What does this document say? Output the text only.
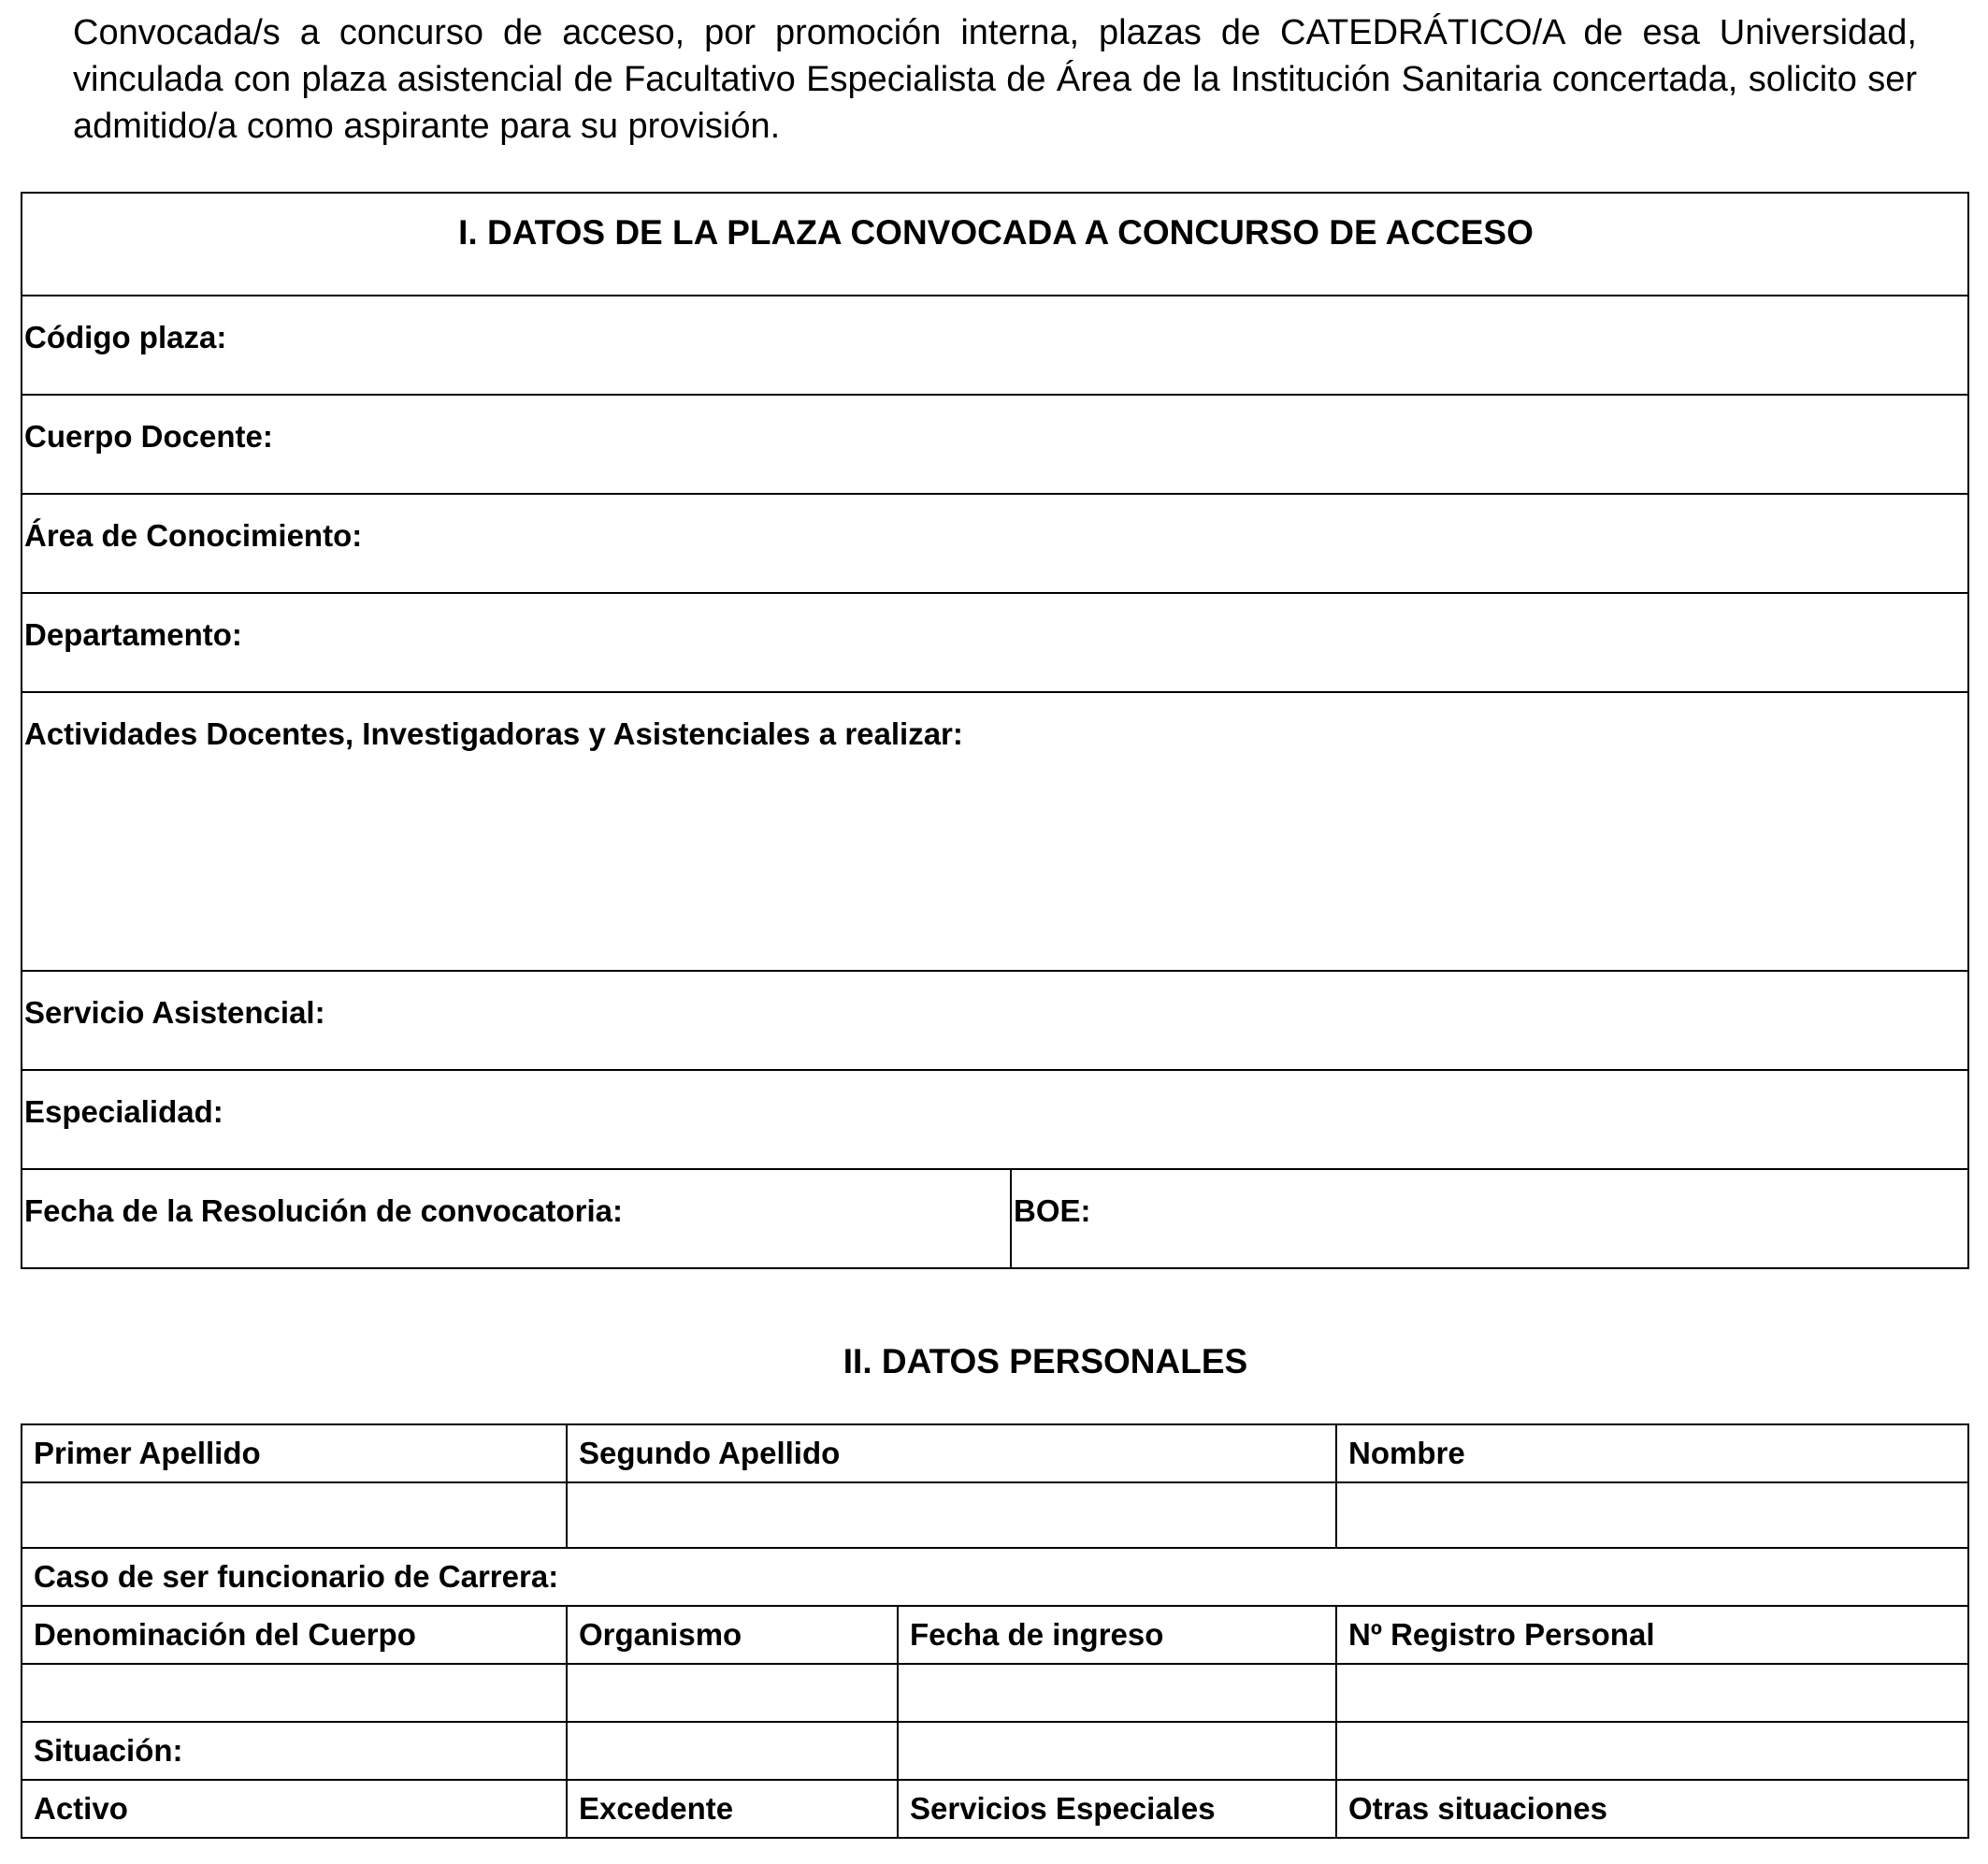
Convocada/s a concurso de acceso, por promoción interna, plazas de CATEDRÁTICO/A de esa Universidad, vinculada con plaza asistencial de Facultativo Especialista de Área de la Institución Sanitaria concertada, solicito ser admitido/a como aspirante para su provisión.
I. DATOS DE LA PLAZA CONVOCADA A CONCURSO DE ACCESO
Código plaza:
Cuerpo Docente:
Área de Conocimiento:
Departamento:
Actividades Docentes, Investigadoras y Asistenciales a realizar:
Servicio Asistencial:
Especialidad:
Fecha de la Resolución de convocatoria:	BOE:
II. DATOS PERSONALES
Primer Apellido	Segundo Apellido		Nombre

Caso de ser funcionario de Carrera:			
Denominación del Cuerpo	Organismo	Fecha de ingreso	Nº Registro Personal

Situación:			
Activo	Excedente	Servicios Especiales	Otras situaciones
